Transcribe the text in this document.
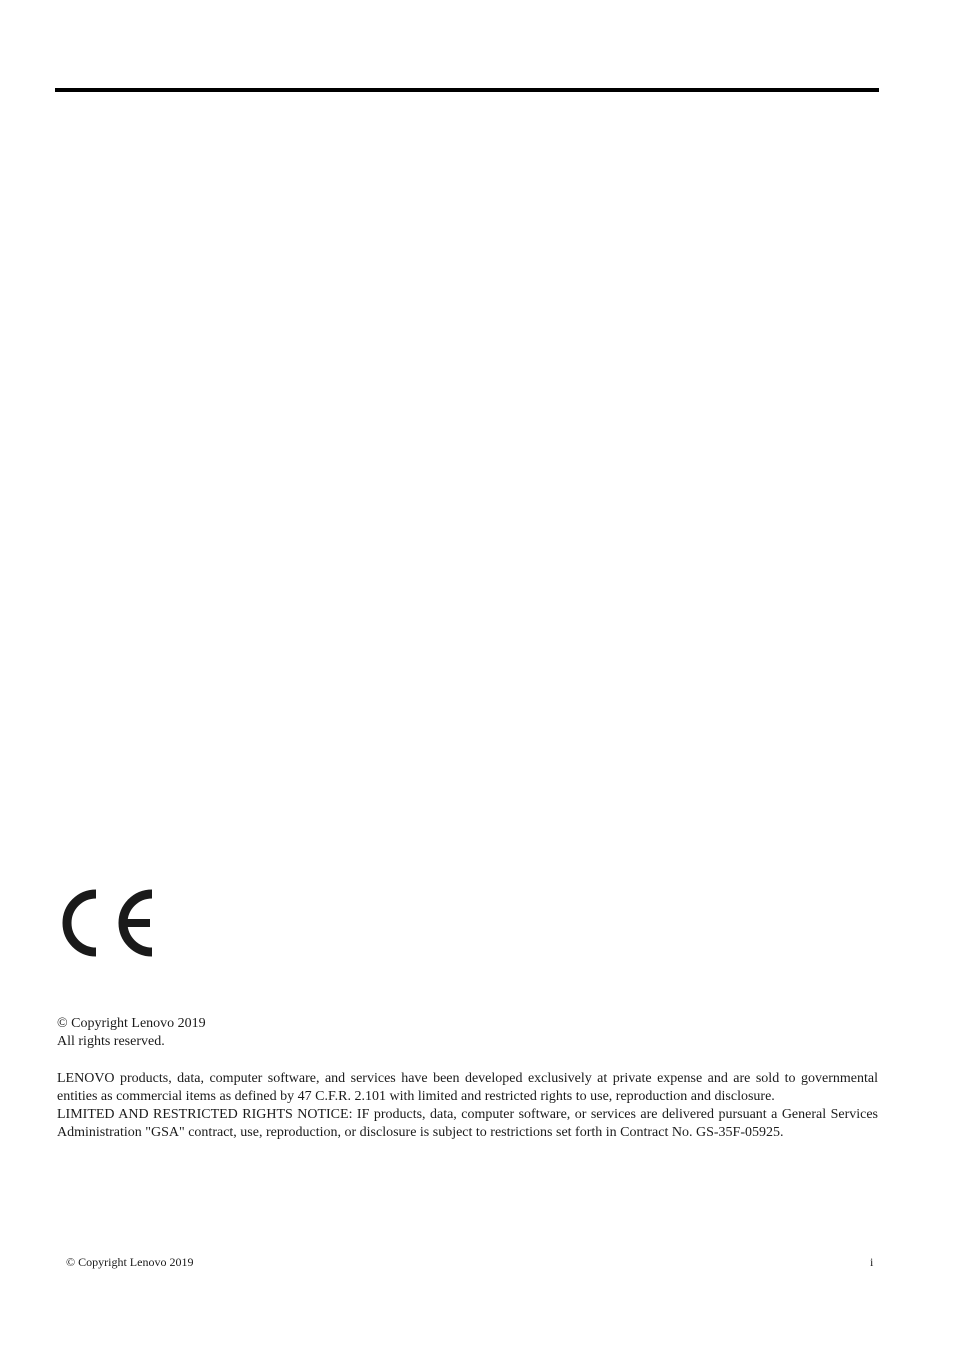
© Copyright Lenovo 2019

All rights reserved.

LENOVO products, data, computer software, and services have been developed exclusively at private expense and are sold to governmental entities as commercial items as defined by 47 C.F.R. 2.101 with limited and restricted rights to use, reproduction and disclosure.

LIMITED AND RESTRICTED RIGHTS NOTICE: IF products, data, computer software, or services are delivered pursuant a General Services Administration "GSA" contract, use, reproduction, or disclosure is subject to restrictions set forth in Contract No. GS-35F-05925.

© Copyright Lenovo 2019	i
